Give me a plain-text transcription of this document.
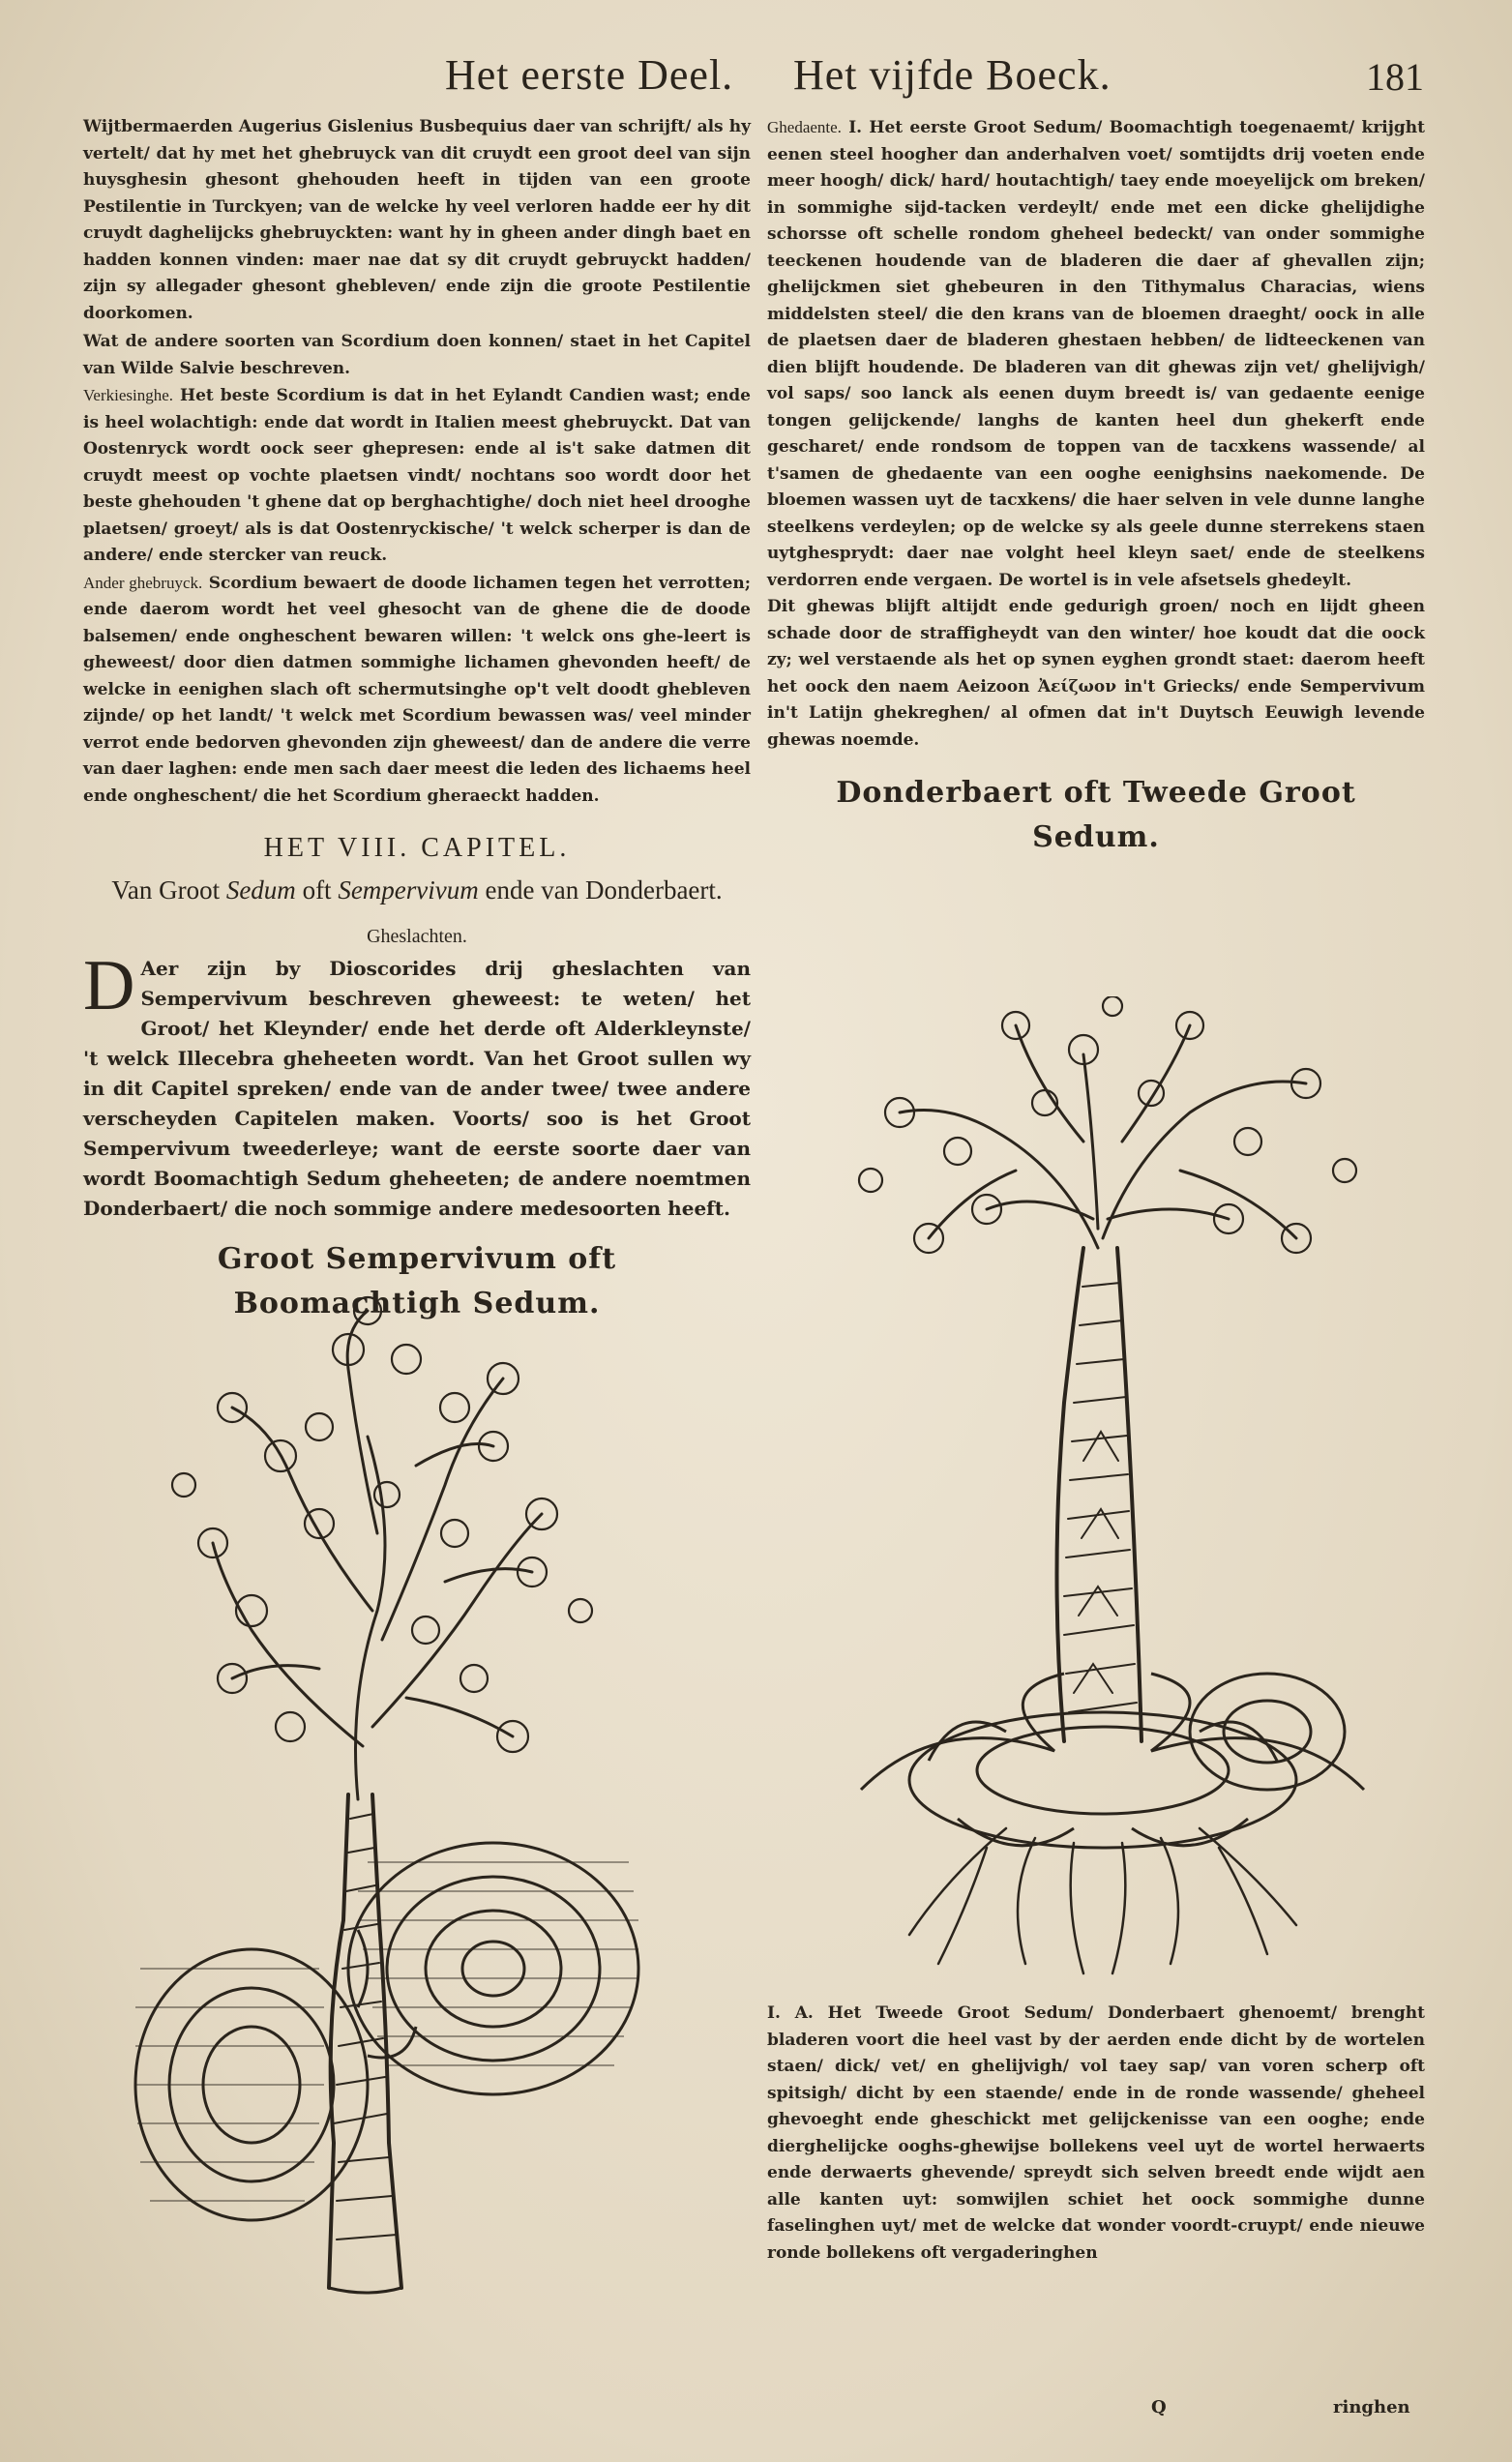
Het eerste Deel. Het vijfde Boeck.	181

Wijtbermaerden Augerius Gislenius Busbequius daer van schrijft/ als hy vertelt/ dat hy met het ghebruyck van dit cruydt een groot deel van sijn huysghesin ghesont ghehouden heeft in tijden van een groote Pestilentie in Turckyen; van de welcke hy veel verloren hadde eer hy dit cruydt daghelijcks ghebruyckten: want hy in gheen ander dingh baet en hadden konnen vinden: maer nae dat sy dit cruydt gebruyckt hadden/ zijn sy allegader ghesont ghebleven/ ende zijn die groote Pestilentie doorkomen.

Wat de andere soorten van Scordium doen konnen/ staet in het Capitel van Wilde Salvie beschreven.

Verkiesinghe. Het beste Scordium is dat in het Eylandt Candien wast; ende is heel wolachtigh: ende dat wordt in Italien meest ghebruyckt. Dat van Oostenryck wordt oock seer ghepresen: ende al is't sake datmen dit cruydt meest op vochte plaetsen vindt/ nochtans soo wordt door het beste ghehouden 't ghene dat op berghachtighe/ doch niet heel drooghe plaetsen/ groeyt/ als is dat Oostenryckische/ 't welck scherper is dan de andere/ ende stercker van reuck.

Ander ghebruyck. Scordium bewaert de doode lichamen tegen het verrotten; ende daerom wordt het veel ghesocht van de ghene die de doode balsemen/ ende ongheschent bewaren willen: 't welck ons ghe-leert is gheweest/ door dien datmen sommighe lichamen ghevonden heeft/ de welcke in eenighen slach oft schermutsinghe op't velt doodt ghebleven zijnde/ op het landt/ 't welck met Scordium bewassen was/ veel minder verrot ende bedorven ghevonden zijn gheweest/ dan de andere die verre van daer laghen: ende men sach daer meest die leden des lichaems heel ende ongheschent/ die het Scordium gheraeckt hadden.

HET VIII. CAPITEL.
Van Groot Sedum oft Sempervivum ende van Donderbaert.
Gheslachten.

D Aer zijn by Dioscorides drij gheslachten van Sempervivum beschreven gheweest: te weten/ het Groot/ het Kleynder/ ende het derde oft Alderkleynste/ 't welck Illecebra gheheeten wordt. Van het Groot sullen wy in dit Capitel spreken/ ende van de ander twee/ twee andere verscheyden Capitelen maken. Voorts/ soo is het Groot Sempervivum tweederleye; want de eerste soorte daer van wordt Boomachtigh Sedum gheheeten; de andere noemtmen Donderbaert/ die noch sommige andere medesoorten heeft.

Groot Sempervivum oft Boomachtigh Sedum.

Ghedaente. I. Het eerste Groot Sedum/ Boomachtigh toegenaemt/ krijght eenen steel hoogher dan anderhalven voet/ somtijdts drij voeten ende meer hoogh/ dick/ hard/ houtachtigh/ taey ende moeyelijck om breken/ in sommighe sijd-tacken verdeylt/ ende met een dicke ghelijdighe schorsse oft schelle rondom gheheel bedeckt/ van onder sommighe teeckenen houdende van de bladeren die daer af ghevallen zijn; ghelijckmen siet ghebeuren in den Tithymalus Characias, wiens middelsten steel/ die den krans van de bloemen draeght/ oock in alle de plaetsen daer de bladeren ghestaen hebben/ de lidteeckenen van dien blijft houdende. De bladeren van dit ghewas zijn vet/ ghelijvigh/ vol saps/ soo lanck als eenen duym breedt is/ van gedaente eenige tongen gelijckende/ langhs de kanten heel dun ghekerft ende gescharet/ ende rondsom de toppen van de tacxkens wassende/ al t'samen de ghedaente van een ooghe eenighsins naekomende. De bloemen wassen uyt de tacxkens/ die haer selven in vele dunne langhe steelkens verdeylen; op de welcke sy als geele dunne sterrekens staen uytghesprydt: daer nae volght heel kleyn saet/ ende de steelkens verdorren ende vergaen. De wortel is in vele afsetsels ghedeylt.

Dit ghewas blijft altijdt ende gedurigh groen/ noch en lijdt gheen schade door de straffigheydt van den winter/ hoe koudt dat die oock zy; wel verstaende als het op synen eyghen grondt staet: daerom heeft het oock den naem Aeizoon Ἀείζωον in't Griecks/ ende Sempervivum in't Latijn ghekreghen/ al ofmen dat in't Duytsch Eeuwigh levende ghewas noemde.

Donderbaert oft Tweede Groot Sedum.

I. A. Het Tweede Groot Sedum/ Donderbaert ghenoemt/ brenght bladeren voort die heel vast by der aerden ende dicht by de wortelen staen/ dick/ vet/ en ghelijvigh/ vol taey sap/ van voren scherp oft spitsigh/ dicht by een staende/ ende in de ronde wassende/ gheheel ghevoeght ende gheschickt met gelijckenisse van een ooghe; ende dierghelijcke ooghs-ghewijse bollekens veel uyt de wortel herwaerts ende derwaerts ghevende/ spreydt sich selven breedt ende wijdt aen alle kanten uyt: somwijlen schiet het oock sommighe dunne faselinghen uyt/ met de welcke dat wonder voordt-cruypt/ ende nieuwe ronde bollekens oft vergaderinghen

Q	ringhen
